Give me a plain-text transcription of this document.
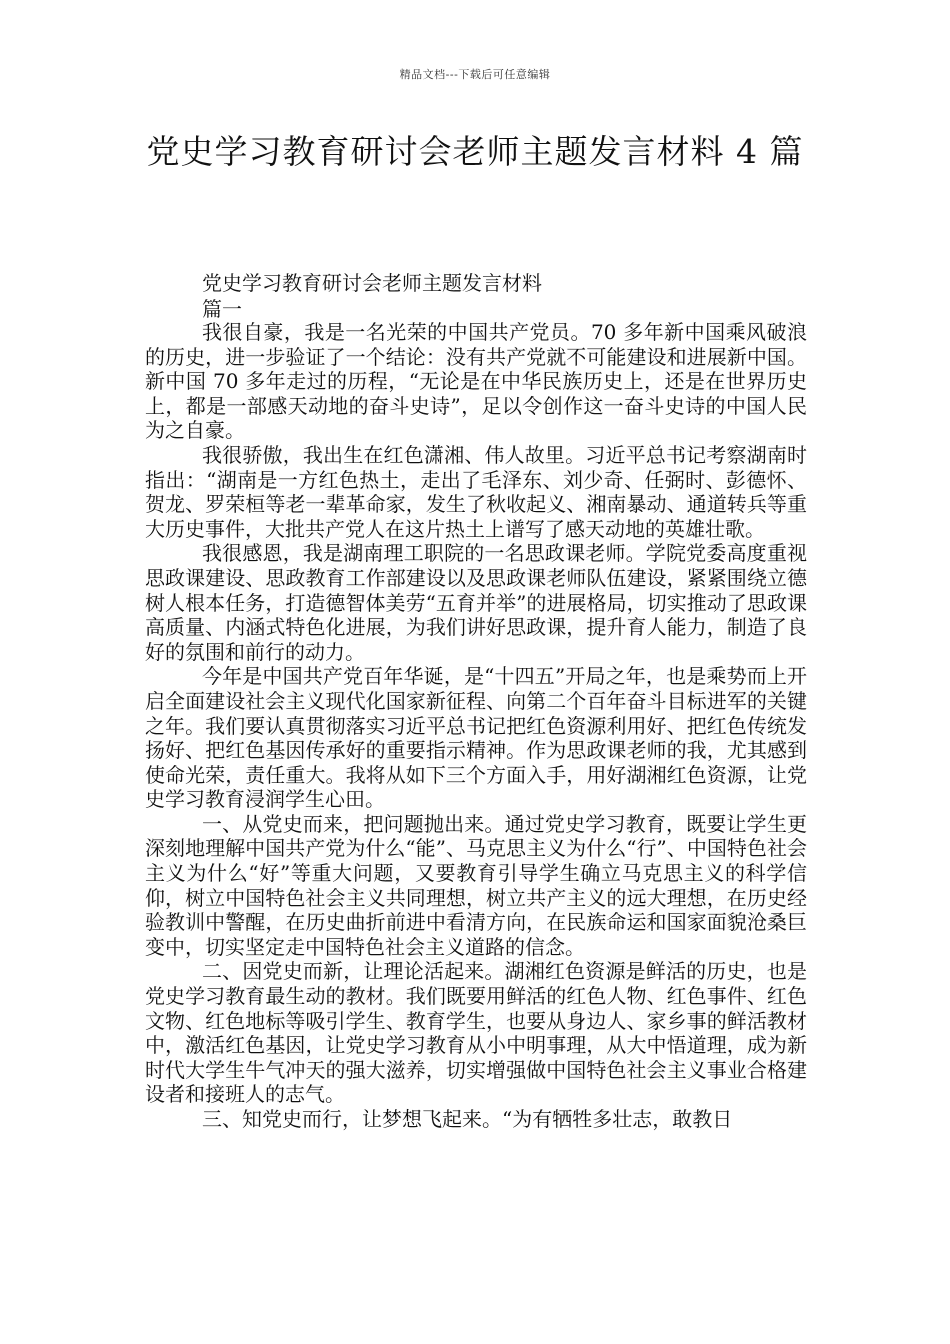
精品文档---下载后可任意编辑
党史学习教育研讨会老师主题发言材料 4 篇
党史学习教育研讨会老师主题发言材料
篇一

我很自豪，我是一名光荣的中国共产党员。70 多年新中国乘风破浪的历史，进一步验证了一个结论：没有共产党就不可能建设和进展新中国。新中国 70 多年走过的历程，“无论是在中华民族历史上，还是在世界历史上，都是一部感天动地的奋斗史诗”，足以令创作这一奋斗史诗的中国人民为之自豪。

我很骄傲，我出生在红色潇湘、伟人故里。习近平总书记考察湖南时指出：“湖南是一方红色热土，走出了毛泽东、刘少奇、任弼时、彭德怀、贺龙、罗荣桓等老一辈革命家，发生了秋收起义、湘南暴动、通道转兵等重大历史事件，大批共产党人在这片热土上谱写了感天动地的英雄壮歌。

我很感恩，我是湖南理工职院的一名思政课老师。学院党委高度重视思政课建设、思政教育工作部建设以及思政课老师队伍建设，紧紧围绕立德树人根本任务，打造德智体美劳“五育并举”的进展格局，切实推动了思政课高质量、内涵式特色化进展，为我们讲好思政课，提升育人能力，制造了良好的氛围和前行的动力。

今年是中国共产党百年华诞，是“十四五”开局之年，也是乘势而上开启全面建设社会主义现代化国家新征程、向第二个百年奋斗目标进军的关键之年。我们要认真贯彻落实习近平总书记把红色资源利用好、把红色传统发扬好、把红色基因传承好的重要指示精神。作为思政课老师的我，尤其感到使命光荣，责任重大。我将从如下三个方面入手，用好湖湘红色资源，让党史学习教育浸润学生心田。

一、从党史而来，把问题抛出来。通过党史学习教育，既要让学生更深刻地理解中国共产党为什么“能”、马克思主义为什么“行”、中国特色社会主义为什么“好”等重大问题，又要教育引导学生确立马克思主义的科学信仰，树立中国特色社会主义共同理想，树立共产主义的远大理想，在历史经验教训中警醒，在历史曲折前进中看清方向，在民族命运和国家面貌沧桑巨变中，切实坚定走中国特色社会主义道路的信念。

二、因党史而新，让理论活起来。湖湘红色资源是鲜活的历史，也是党史学习教育最生动的教材。我们既要用鲜活的红色人物、红色事件、红色文物、红色地标等吸引学生、教育学生，也要从身边人、家乡事的鲜活教材中，激活红色基因，让党史学习教育从小中明事理，从大中悟道理，成为新时代大学生牛气冲天的强大滋养，切实增强做中国特色社会主义事业合格建设者和接班人的志气。

三、知党史而行，让梦想飞起来。“为有牺牲多壮志，敢教日
